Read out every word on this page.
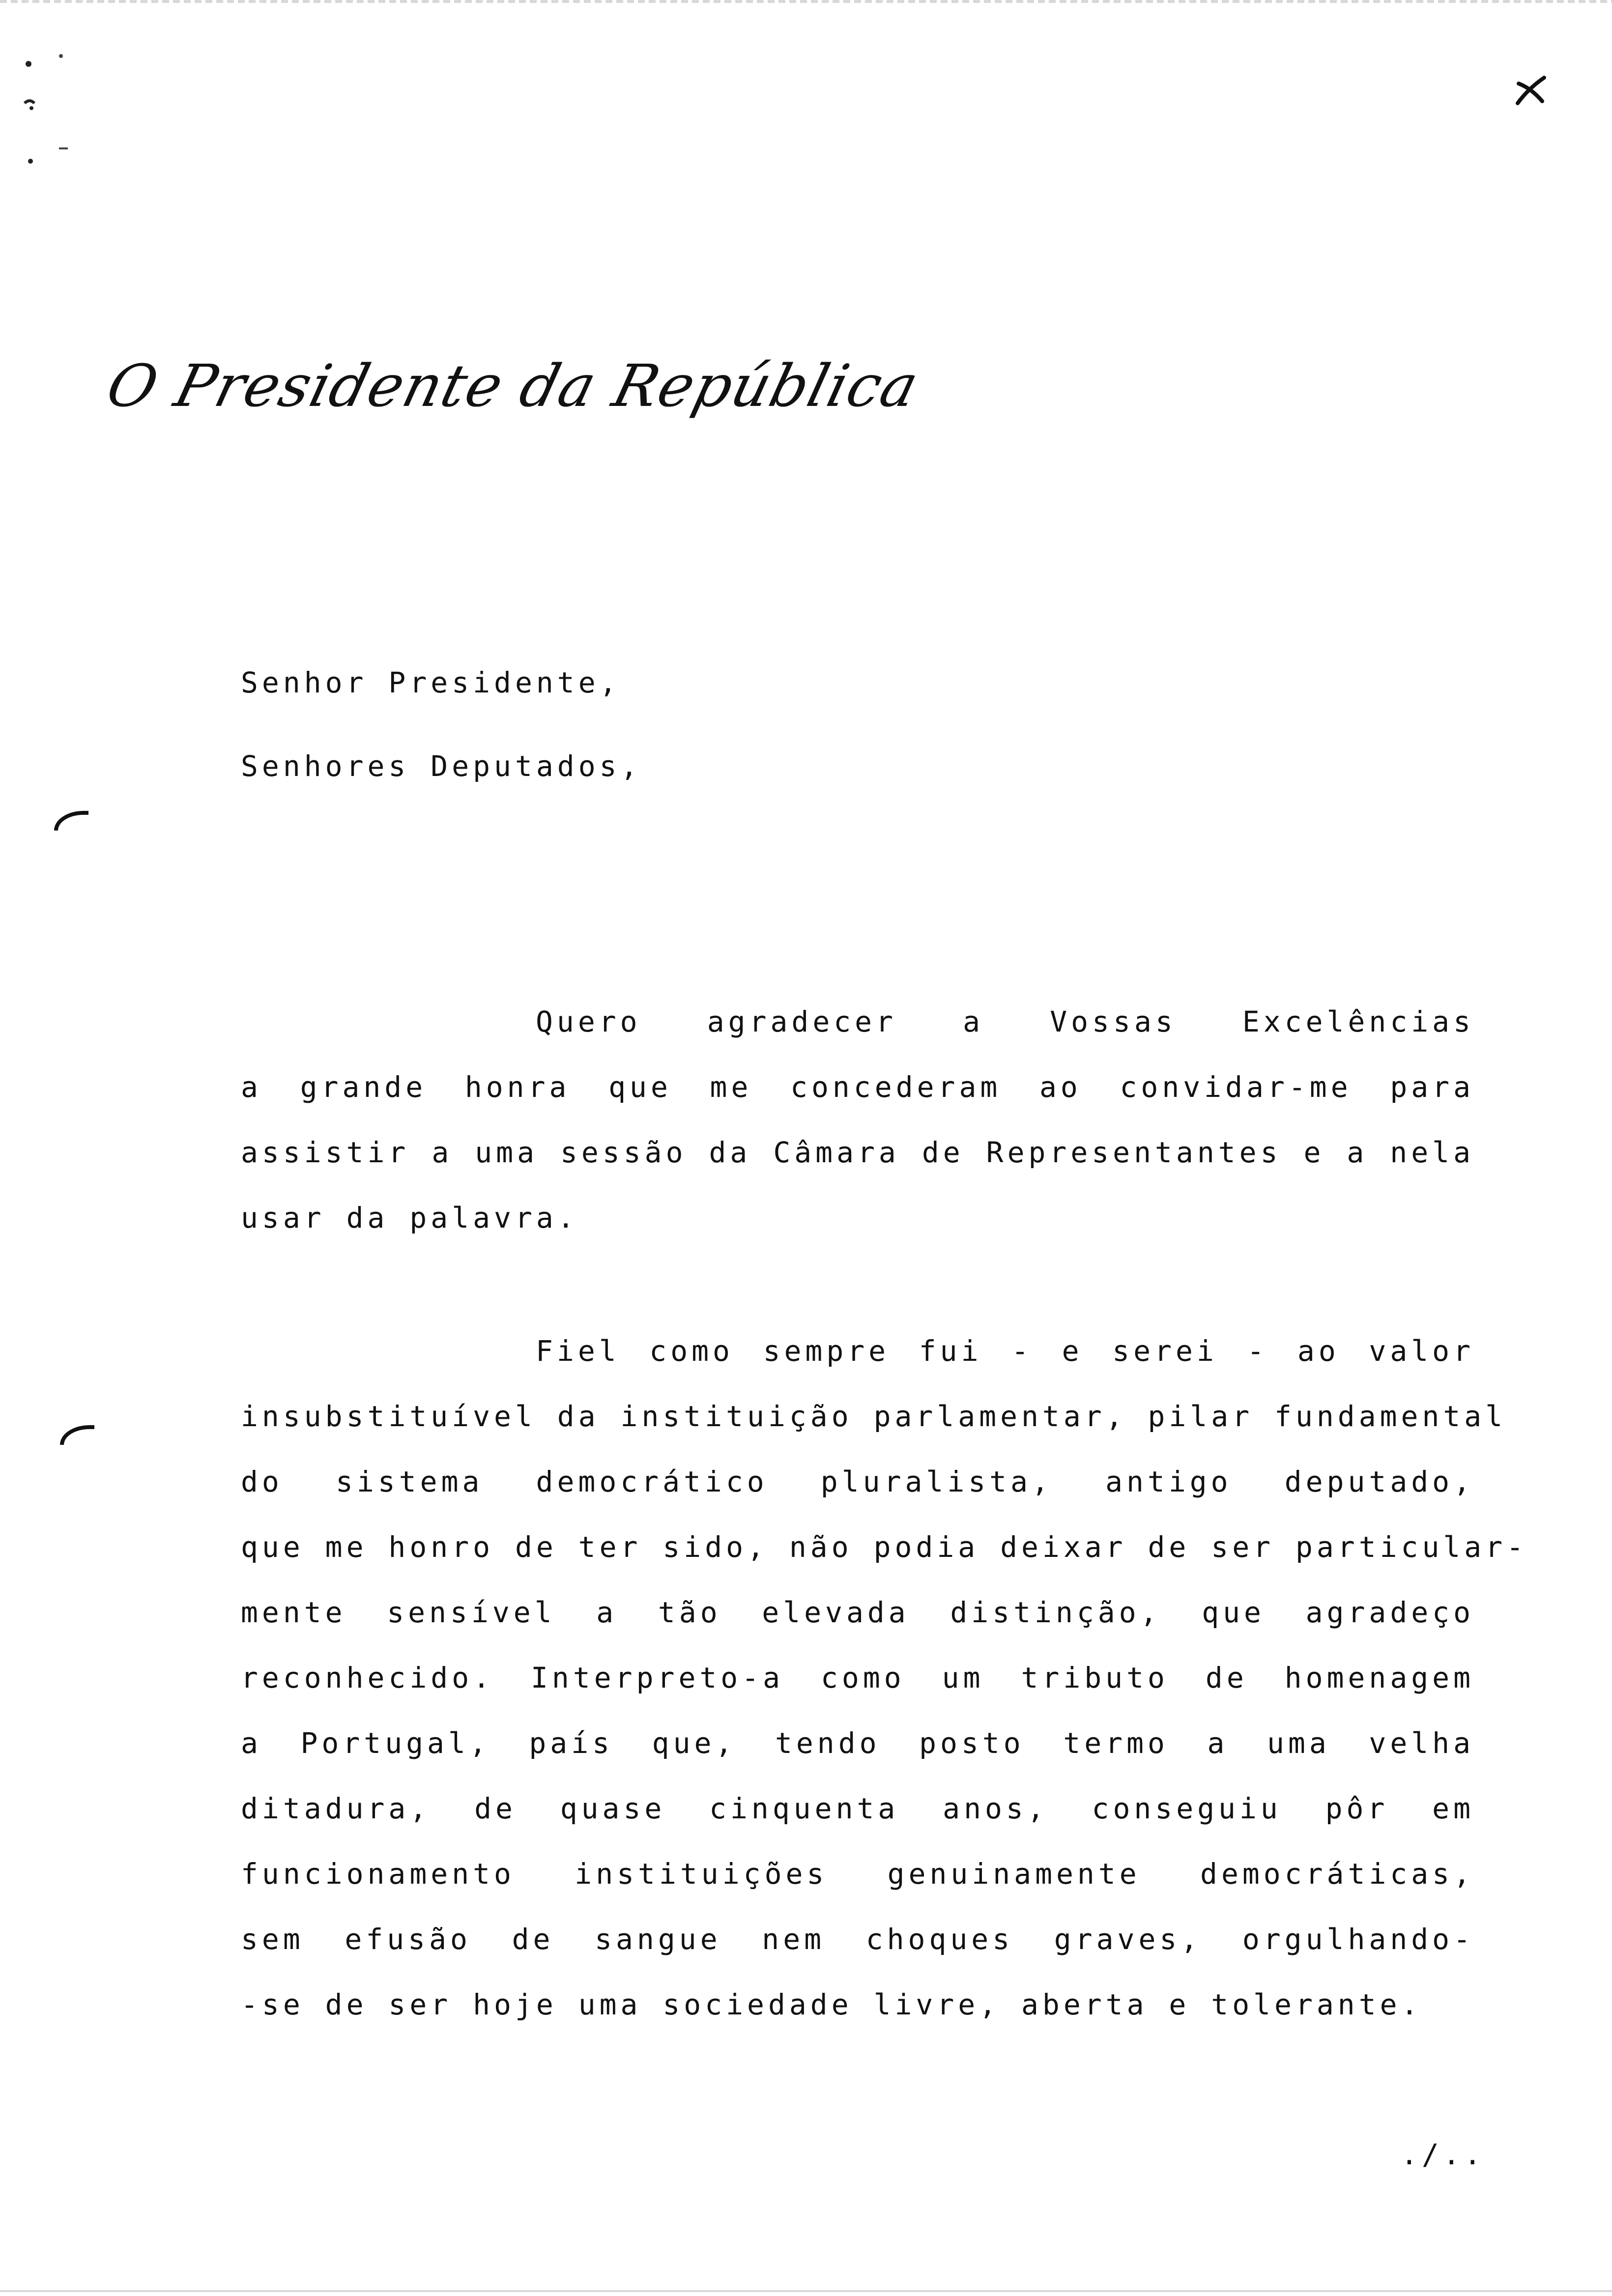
O Presidente da República
Senhor Presidente,
Senhores Deputados,
Quero agradecer a Vossas Excelências
a grande honra que me concederam ao convidar-me para
assistir a uma sessão da Câmara de Representantes e a nela
usar da palavra.
Fiel como sempre fui - e serei - ao valor
insubstituível da instituição parlamentar, pilar fundamental
do sistema democrático pluralista, antigo deputado,
que me honro de ter sido, não podia deixar de ser particular-
mente sensível a tão elevada distinção, que agradeço
reconhecido. Interpreto-a como um tributo de homenagem
a Portugal, país que, tendo posto termo a uma velha
ditadura, de quase cinquenta anos, conseguiu pôr em
funcionamento instituições genuinamente democráticas,
sem efusão de sangue nem choques graves, orgulhando-
-se de ser hoje uma sociedade livre, aberta e tolerante.
./..
